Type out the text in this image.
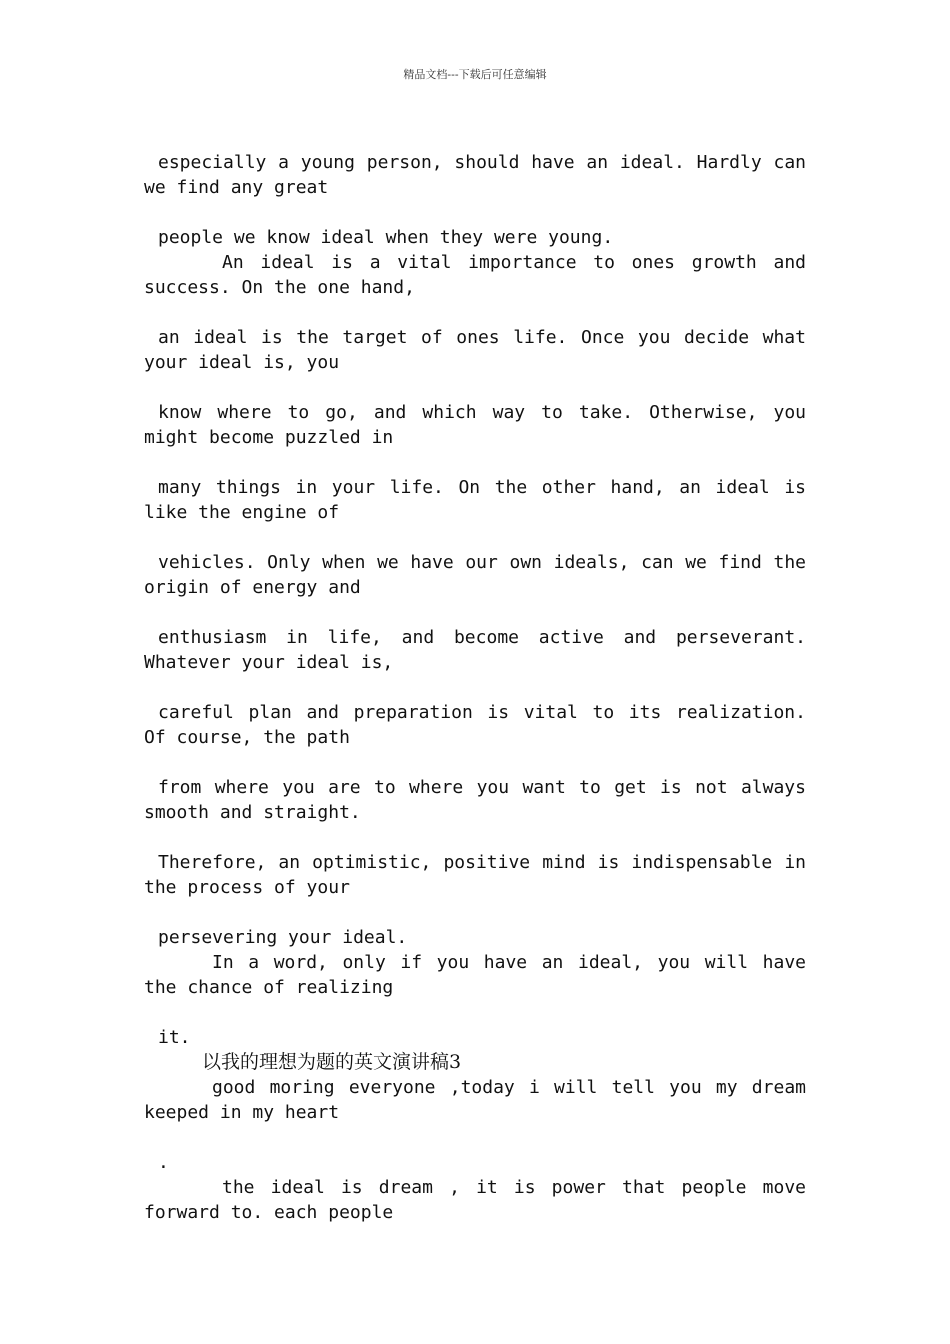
精品文档---下载后可任意编辑

especially a young person, should have an ideal. Hardly can we find any great

people we know ideal when they were young.

An ideal is a vital importance to ones growth and success. On the one hand,

an ideal is the target of ones life. Once you decide what your ideal is, you

know where to go, and which way to take. Otherwise, you might become puzzled in

many things in your life. On the other hand, an ideal is like the engine of

vehicles. Only when we have our own ideals, can we find the origin of energy and

enthusiasm in life, and become active and perseverant. Whatever your ideal is,

careful plan and preparation is vital to its realization. Of course, the path

from where you are to where you want to get is not always smooth and straight.

Therefore, an optimistic, positive mind is indispensable in the process of your

persevering your ideal.

In a word, only if you have an ideal, you will have the chance of realizing

it.

以我的理想为题的英文演讲稿3

good moring everyone ,today i will tell you my dream keeped in my heart

.

the ideal is dream , it is power that people move forward to. each people
